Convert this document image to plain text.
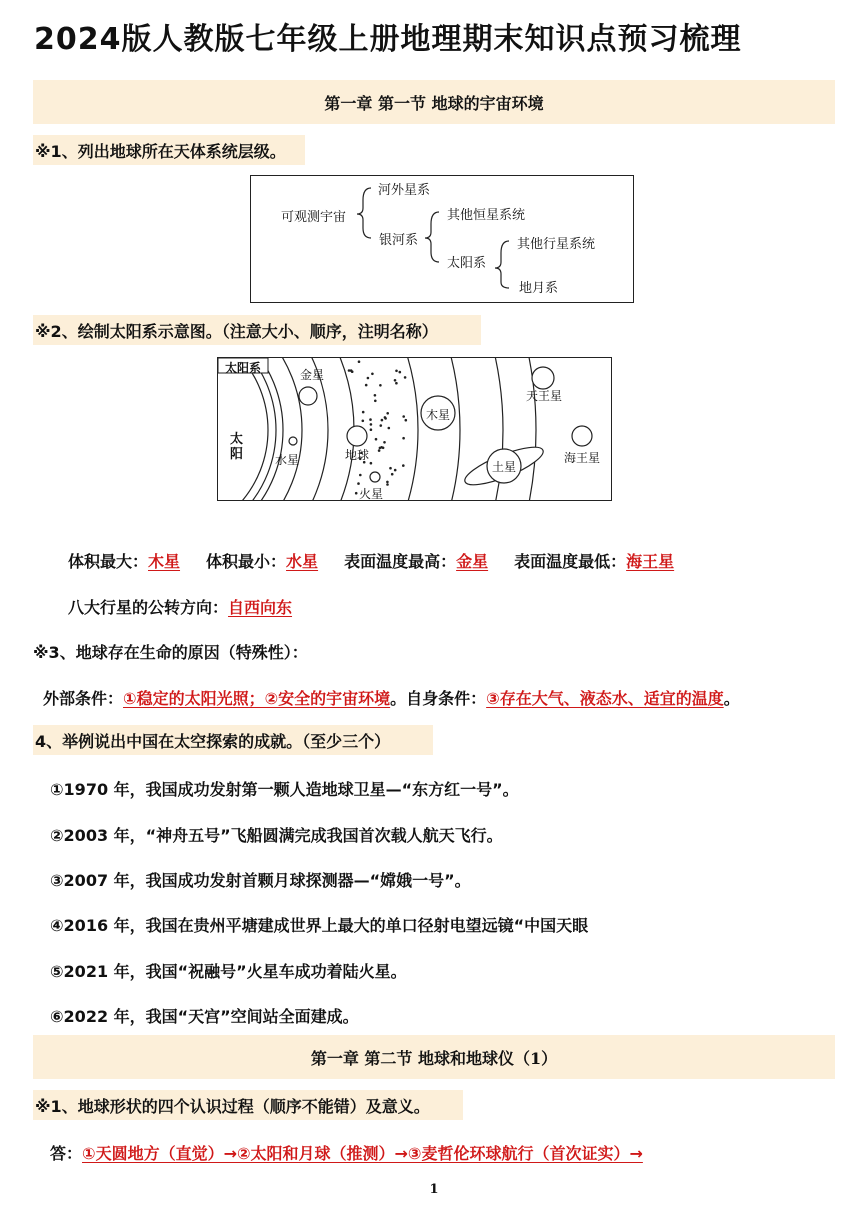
2024版人教版七年级上册地理期末知识点预习梳理
第一章 第一节 地球的宇宙环境
※1、列出地球所在天体系统层级。
可观测宇宙
河外星系
银河系
其他恒星系统
太阳系
其他行星系统
地月系
※2、绘制太阳系示意图。（注意大小、顺序，注明名称）
太阳系
太
阳	水星
金星
地球
火星
木星
土星
天王星
海王星
体积最大：木星 体积最小：水星 表面温度最高：金星 表面温度最低：海王星
八大行星的公转方向：自西向东
※3、地球存在生命的原因（特殊性）：
外部条件：①稳定的太阳光照；②安全的宇宙环境。自身条件：③存在大气、液态水、适宜的温度。
4、举例说出中国在太空探索的成就。（至少三个）
①1970 年，我国成功发射第一颗人造地球卫星—“东方红一号”。
②2003 年，“神舟五号”飞船圆满完成我国首次载人航天飞行。
③2007 年，我国成功发射首颗月球探测器—“嫦娥一号”。
④2016 年，我国在贵州平塘建成世界上最大的单口径射电望远镜“中国天眼
⑤2021 年，我国“祝融号”火星车成功着陆火星。
⑥2022 年，我国“天宫”空间站全面建成。
第一章 第二节 地球和地球仪（1）
※1、地球形状的四个认识过程（顺序不能错）及意义。
答：①天圆地方（直觉）→②太阳和月球（推测）→③麦哲伦环球航行（首次证实）→
1
